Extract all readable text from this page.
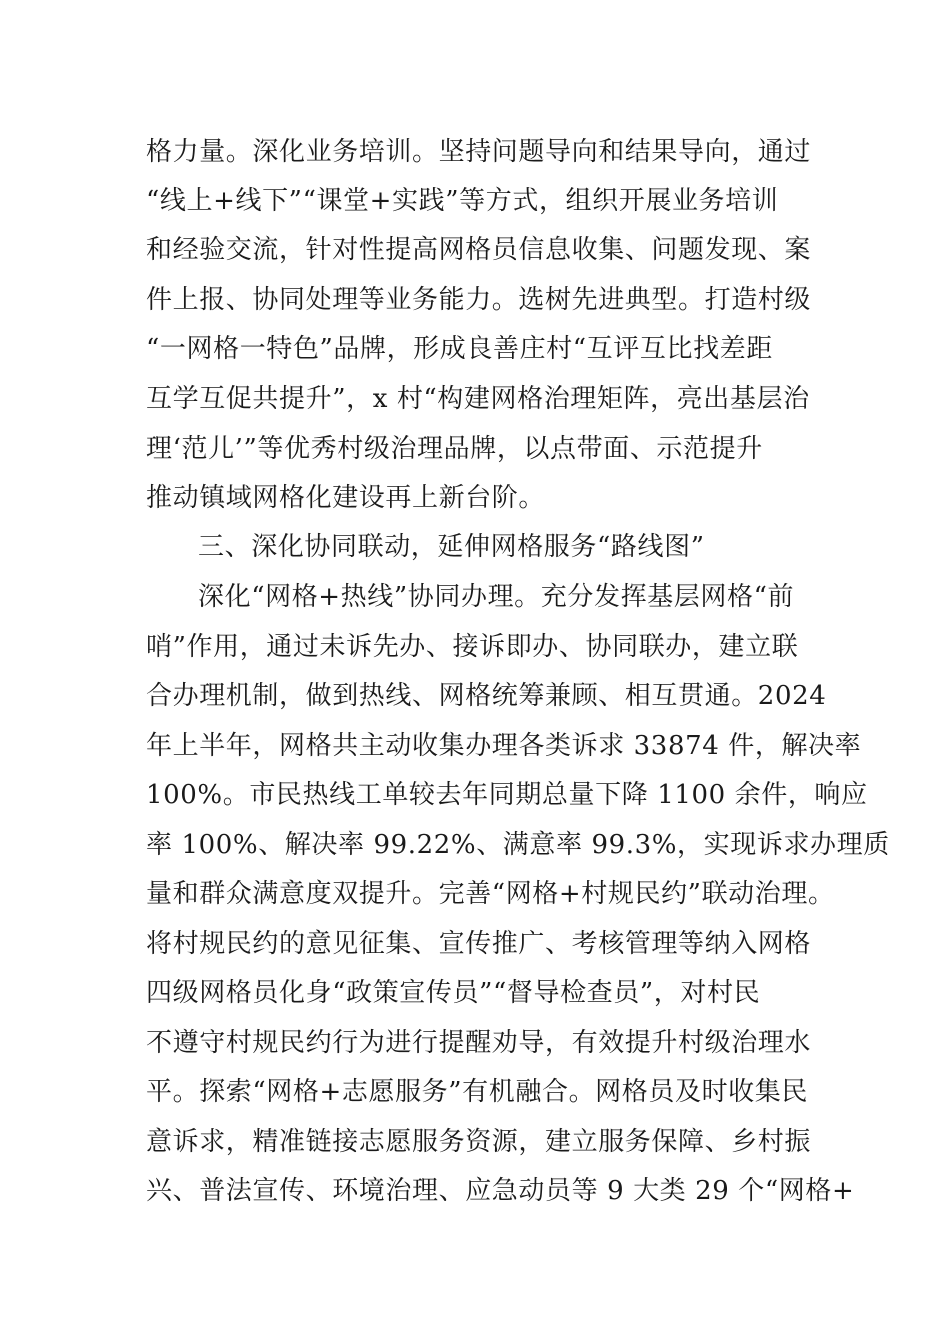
格力量。深化业务培训。坚持问题导向和结果导向，通过
“线上+线下”“课堂+实践”等方式，组织开展业务培训
和经验交流，针对性提高网格员信息收集、问题发现、案
件上报、协同处理等业务能力。选树先进典型。打造村级
“一网格一特色”品牌，形成良善庄村“互评互比找差距
互学互促共提升”，x 村“构建网格治理矩阵，亮出基层治
理‘范儿’”等优秀村级治理品牌，以点带面、示范提升
推动镇域网格化建设再上新台阶。
三、深化协同联动，延伸网格服务“路线图”
深化“网格+热线”协同办理。充分发挥基层网格“前
哨”作用，通过未诉先办、接诉即办、协同联办，建立联
合办理机制，做到热线、网格统筹兼顾、相互贯通。2024
年上半年，网格共主动收集办理各类诉求 33874 件，解决率
100%。市民热线工单较去年同期总量下降 1100 余件，响应
率 100%、解决率 99.22%、满意率 99.3%，实现诉求办理质
量和群众满意度双提升。完善“网格+村规民约”联动治理。
将村规民约的意见征集、宣传推广、考核管理等纳入网格
四级网格员化身“政策宣传员”“督导检查员”，对村民
不遵守村规民约行为进行提醒劝导，有效提升村级治理水
平。探索“网格+志愿服务”有机融合。网格员及时收集民
意诉求，精准链接志愿服务资源，建立服务保障、乡村振
兴、普法宣传、环境治理、应急动员等 9 大类 29 个“网格+
